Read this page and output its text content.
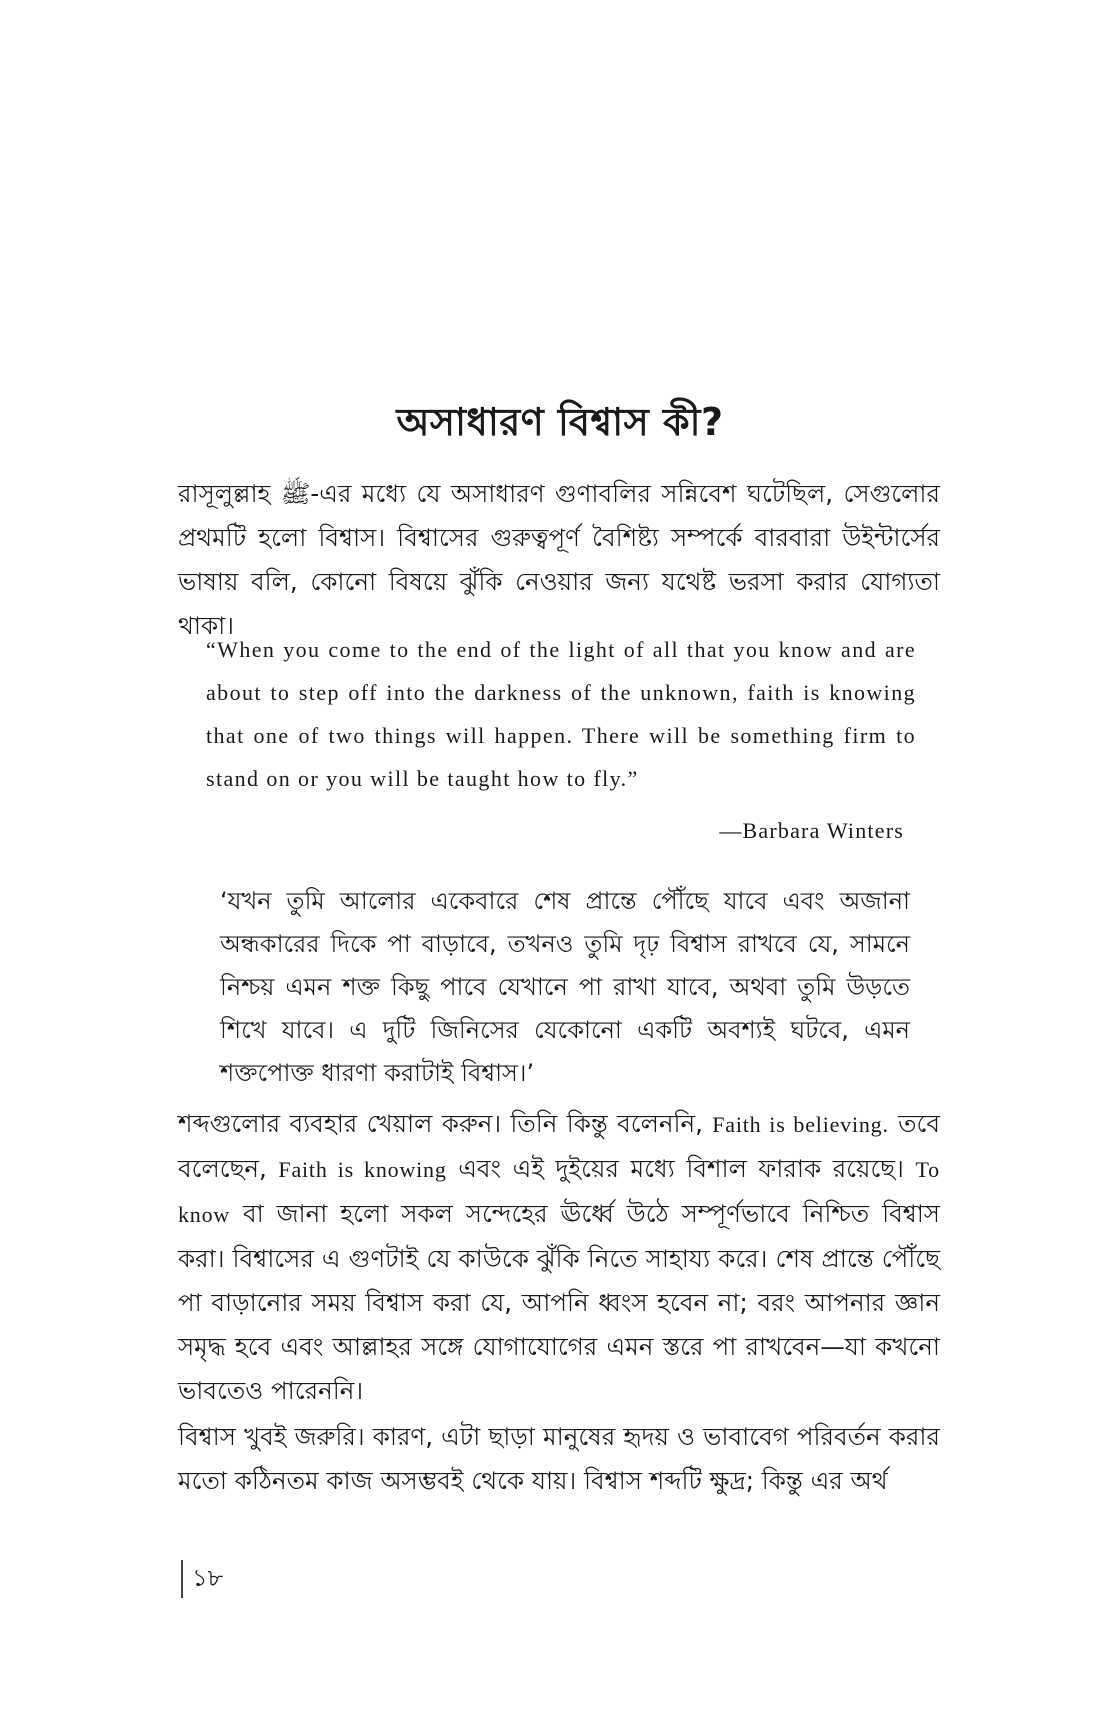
অসাধারণ বিশ্বাস কী?

রাসূলুল্লাহ ﷺ-এর মধ্যে যে অসাধারণ গুণাবলির সন্নিবেশ ঘটেছিল, সেগুলোর প্রথমটি হলো বিশ্বাস। বিশ্বাসের গুরুত্বপূর্ণ বৈশিষ্ট্য সম্পর্কে বারবারা উইন্টার্সের ভাষায় বলি, কোনো বিষয়ে ঝুঁকি নেওয়ার জন্য যথেষ্ট ভরসা করার যোগ্যতা থাকা।

“When you come to the end of the light of all that you know and are about to step off into the darkness of the unknown, faith is knowing that one of two things will happen. There will be something firm to stand on or you will be taught how to fly.”

—Barbara Winters

‘যখন তুমি আলোর একেবারে শেষ প্রান্তে পৌঁছে যাবে এবং অজানা অন্ধকারের দিকে পা বাড়াবে, তখনও তুমি দৃঢ় বিশ্বাস রাখবে যে, সামনে নিশ্চয় এমন শক্ত কিছু পাবে যেখানে পা রাখা যাবে, অথবা তুমি উড়তে শিখে যাবে। এ দুটি জিনিসের যেকোনো একটি অবশ্যই ঘটবে, এমন শক্তপোক্ত ধারণা করাটাই বিশ্বাস।’

শব্দগুলোর ব্যবহার খেয়াল করুন। তিনি কিন্তু বলেননি, Faith is believing. তবে বলেছেন, Faith is knowing এবং এই দুইয়ের মধ্যে বিশাল ফারাক রয়েছে। To know বা জানা হলো সকল সন্দেহের ঊর্ধ্বে উঠে সম্পূর্ণভাবে নিশ্চিত বিশ্বাস করা। বিশ্বাসের এ গুণটাই যে কাউকে ঝুঁকি নিতে সাহায্য করে। শেষ প্রান্তে পৌঁছে পা বাড়ানোর সময় বিশ্বাস করা যে, আপনি ধ্বংস হবেন না; বরং আপনার জ্ঞান সমৃদ্ধ হবে এবং আল্লাহর সঙ্গে যোগাযোগের এমন স্তরে পা রাখবেন—যা কখনো ভাবতেও পারেননি।

বিশ্বাস খুবই জরুরি। কারণ, এটা ছাড়া মানুষের হৃদয় ও ভাবাবেগ পরিবর্তন করার মতো কঠিনতম কাজ অসম্ভবই থেকে যায়। বিশ্বাস শব্দটি ক্ষুদ্র; কিন্তু এর অর্থ

১৮
